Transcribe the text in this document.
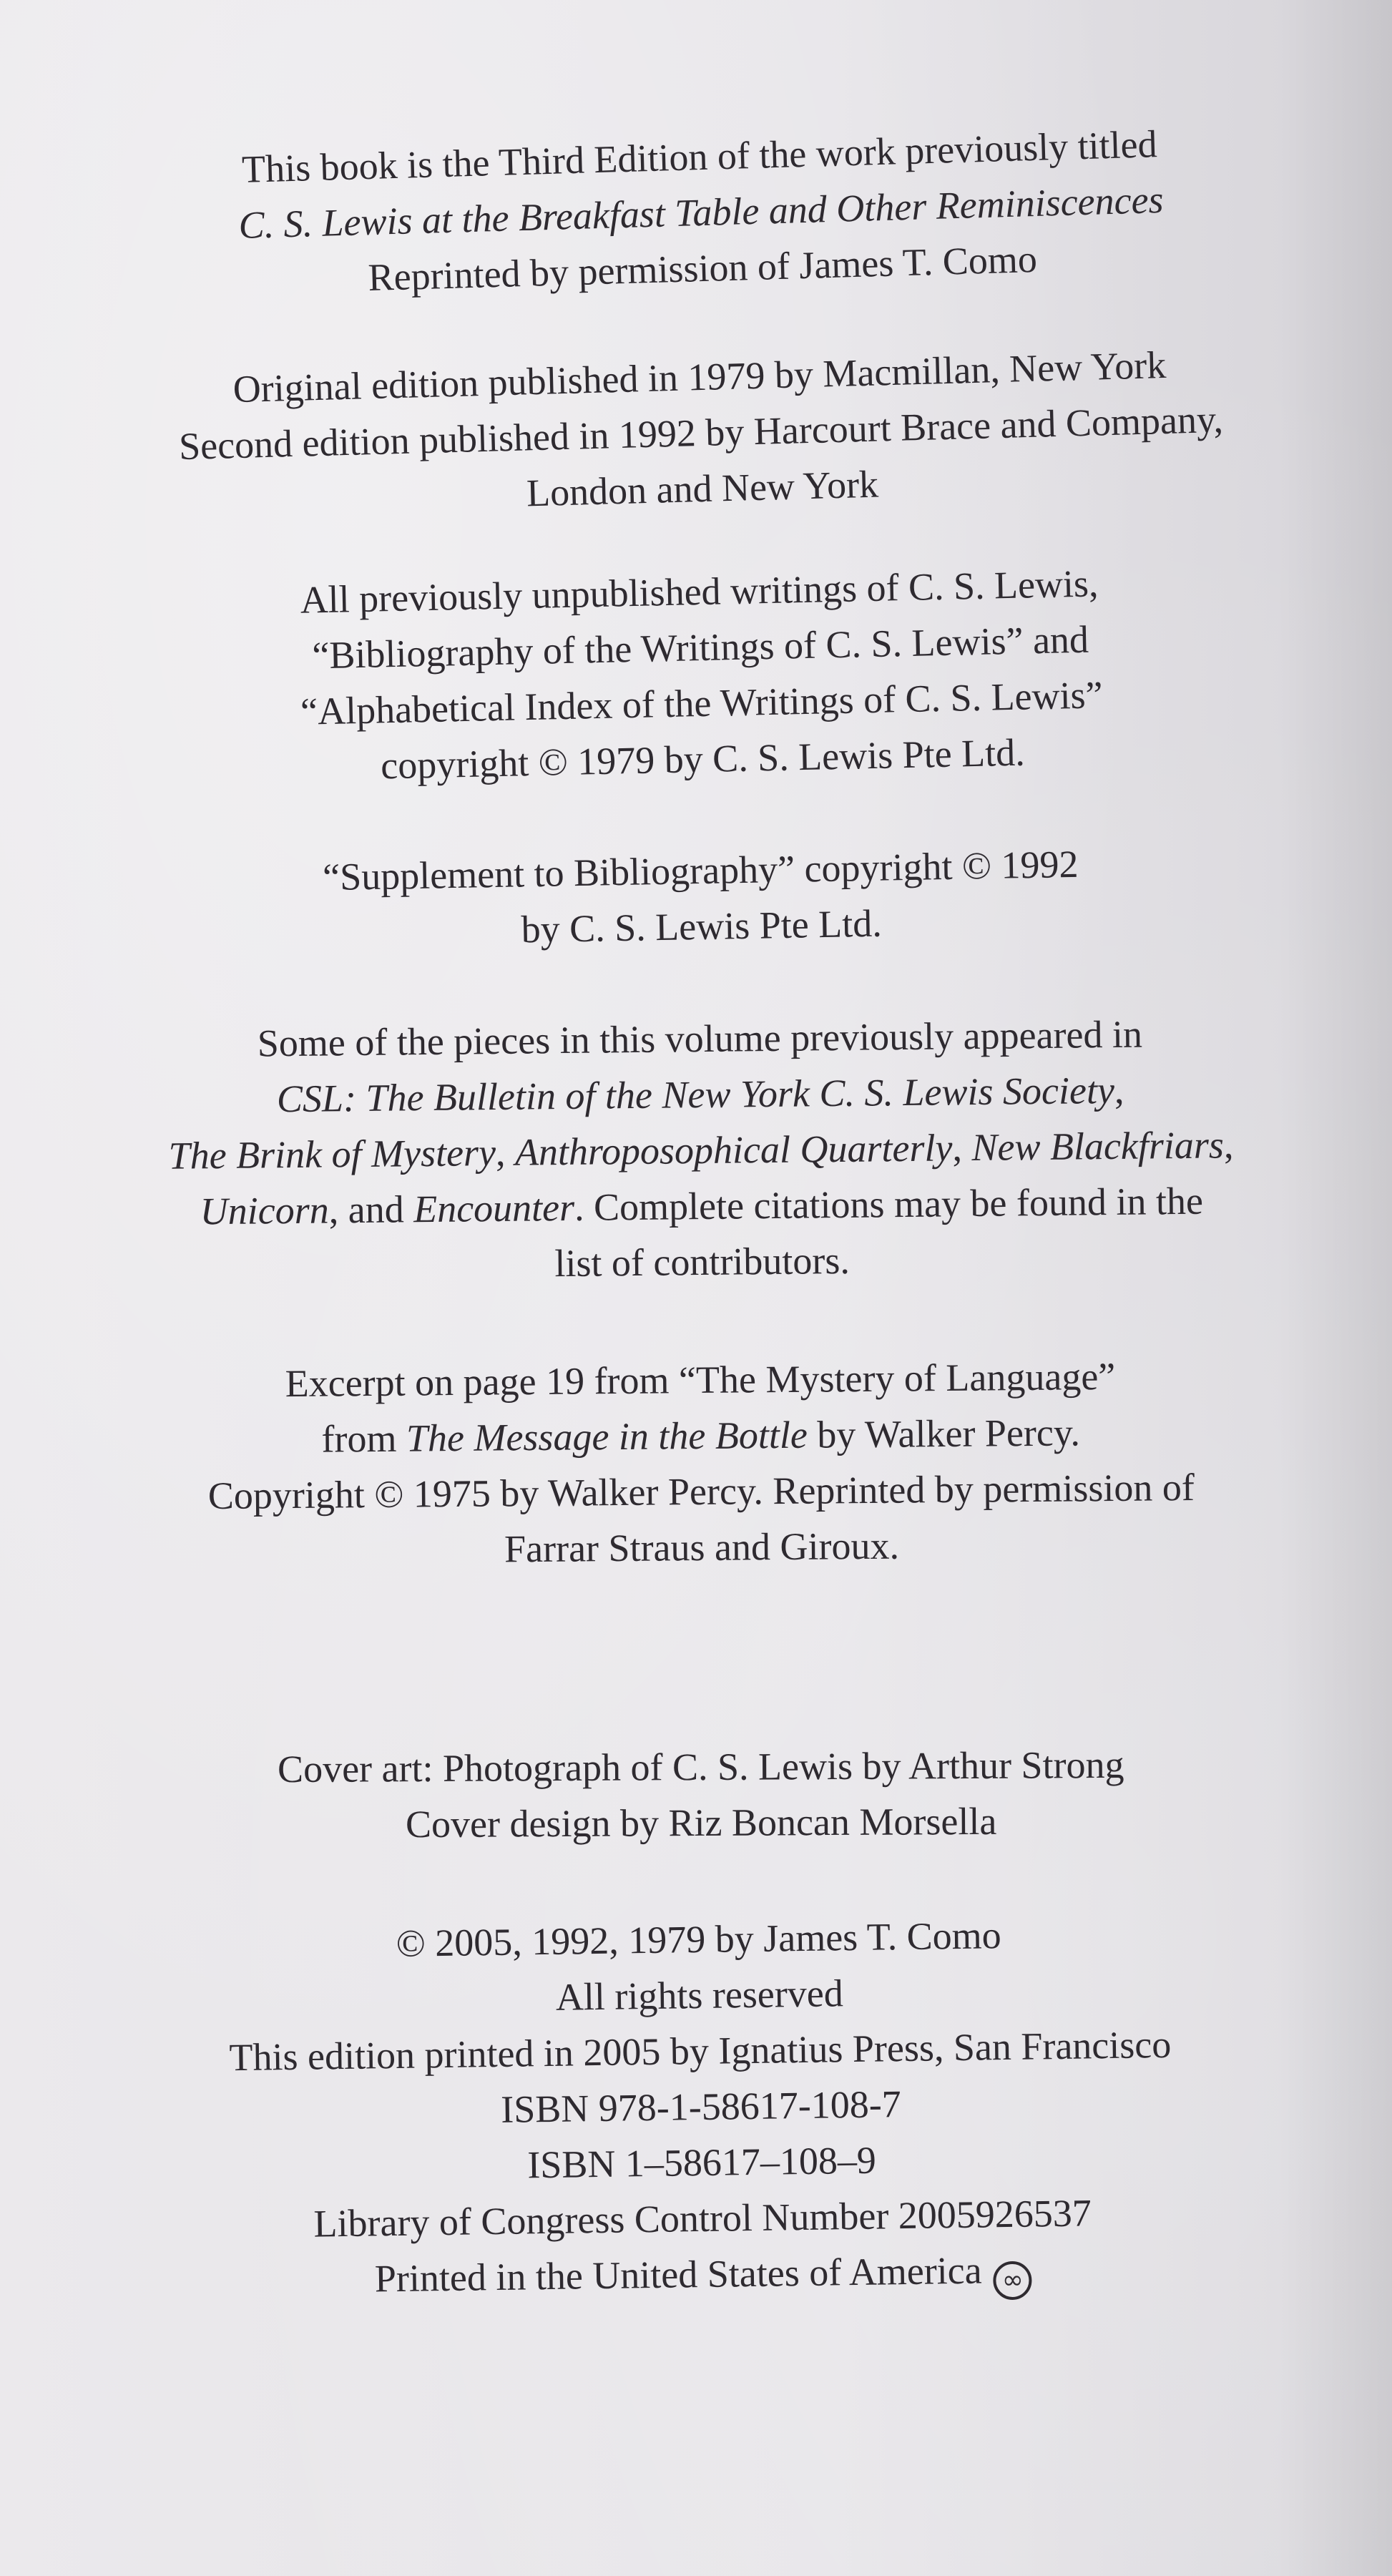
This book is the Third Edition of the work previously titled
C. S. Lewis at the Breakfast Table and Other Reminiscences
Reprinted by permission of James T. Como
Original edition published in 1979 by Macmillan, New York
Second edition published in 1992 by Harcourt Brace and Company,
London and New York
All previously unpublished writings of C. S. Lewis,
“Bibliography of the Writings of C. S. Lewis” and
“Alphabetical Index of the Writings of C. S. Lewis”
copyright © 1979 by C. S. Lewis Pte Ltd.
“Supplement to Bibliography” copyright © 1992
by C. S. Lewis Pte Ltd.
Some of the pieces in this volume previously appeared in
CSL: The Bulletin of the New York C. S. Lewis Society,
The Brink of Mystery, Anthroposophical Quarterly, New Blackfriars,
Unicorn, and Encounter. Complete citations may be found in the
list of contributors.
Excerpt on page 19 from “The Mystery of Language”
from The Message in the Bottle by Walker Percy.
Copyright © 1975 by Walker Percy. Reprinted by permission of
Farrar Straus and Giroux.
Cover art: Photograph of C. S. Lewis by Arthur Strong
Cover design by Riz Boncan Morsella
© 2005, 1992, 1979 by James T. Como
All rights reserved
This edition printed in 2005 by Ignatius Press, San Francisco
ISBN 978-1-58617-108-7
ISBN 1–58617–108–9
Library of Congress Control Number 2005926537
Printed in the United States of America ∞
